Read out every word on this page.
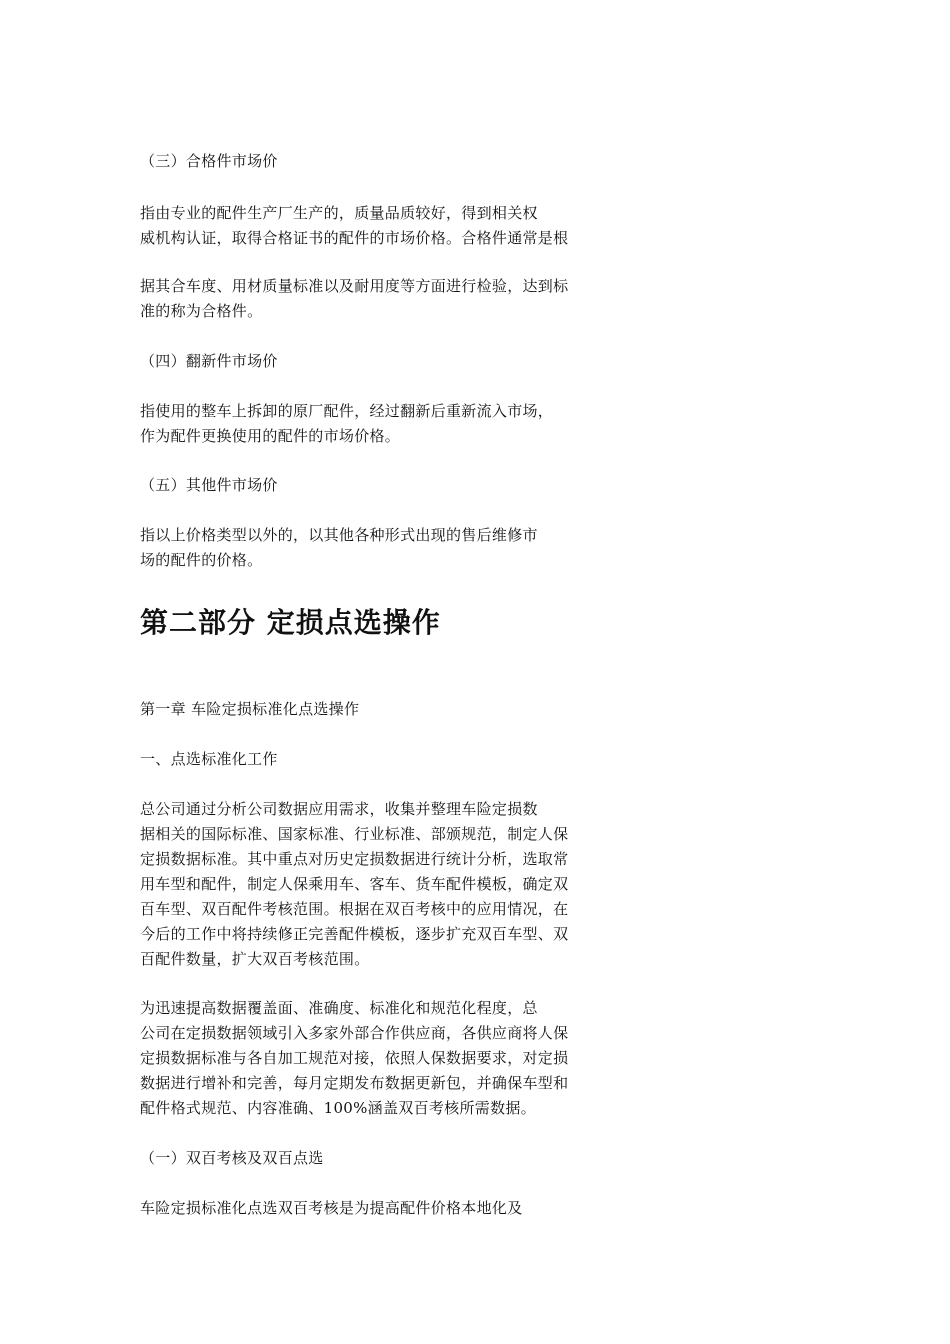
（三）合格件市场价
指由专业的配件生产厂生产的，质量品质较好，得到相关权
威机构认证，取得合格证书的配件的市场价格。合格件通常是根
据其合车度、用材质量标准以及耐用度等方面进行检验，达到标
准的称为合格件。
（四）翻新件市场价
指使用的整车上拆卸的原厂配件，经过翻新后重新流入市场，
作为配件更换使用的配件的市场价格。
（五）其他件市场价
指以上价格类型以外的，以其他各种形式出现的售后维修市
场的配件的价格。
第二部分 定损点选操作
第一章 车险定损标准化点选操作
一、点选标准化工作
总公司通过分析公司数据应用需求，收集并整理车险定损数
据相关的国际标准、国家标准、行业标准、部颁规范，制定人保
定损数据标准。其中重点对历史定损数据进行统计分析，选取常
用车型和配件，制定人保乘用车、客车、货车配件模板，确定双
百车型、双百配件考核范围。根据在双百考核中的应用情况，在
今后的工作中将持续修正完善配件模板，逐步扩充双百车型、双
百配件数量，扩大双百考核范围。
为迅速提高数据覆盖面、准确度、标准化和规范化程度，总
公司在定损数据领域引入多家外部合作供应商，各供应商将人保
定损数据标准与各自加工规范对接，依照人保数据要求，对定损
数据进行增补和完善，每月定期发布数据更新包，并确保车型和
配件格式规范、内容准确、100%涵盖双百考核所需数据。
（一）双百考核及双百点选
车险定损标准化点选双百考核是为提高配件价格本地化及
